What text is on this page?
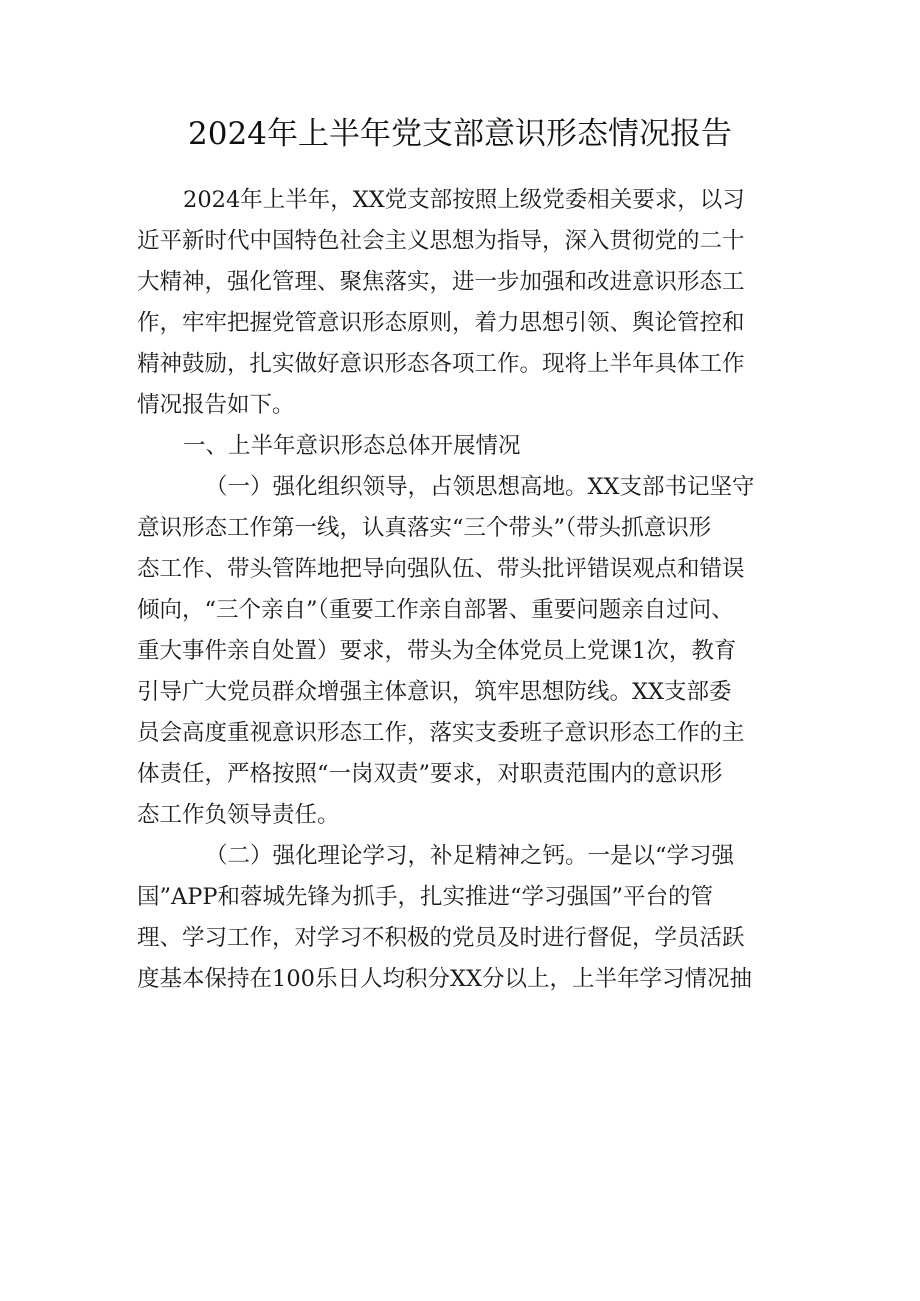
2024年上半年党支部意识形态情况报告
2024年上半年，XX党支部按照上级党委相关要求，以习
近平新时代中国特色社会主义思想为指导，深入贯彻党的二十
大精神，强化管理、聚焦落实，进一步加强和改进意识形态工
作，牢牢把握党管意识形态原则，着力思想引领、舆论管控和
精神鼓励，扎实做好意识形态各项工作。现将上半年具体工作
情况报告如下。
一、上半年意识形态总体开展情况
（一）强化组织领导，占领思想高地。XX支部书记坚守
意识形态工作第一线，认真落实“三个带头”（带头抓意识形
态工作、带头管阵地把导向强队伍、带头批评错误观点和错误
倾向，“三个亲自”（重要工作亲自部署、重要问题亲自过问、
重大事件亲自处置）要求，带头为全体党员上党课1次，教育
引导广大党员群众增强主体意识，筑牢思想防线。XX支部委
员会高度重视意识形态工作，落实支委班子意识形态工作的主
体责任，严格按照“一岗双责”要求，对职责范围内的意识形
态工作负领导责任。
（二）强化理论学习，补足精神之钙。一是以“学习强
国”APP和蓉城先锋为抓手，扎实推进“学习强国”平台的管
理、学习工作，对学习不积极的党员及时进行督促，学员活跃
度基本保持在100乐日人均积分XX分以上，上半年学习情况抽
